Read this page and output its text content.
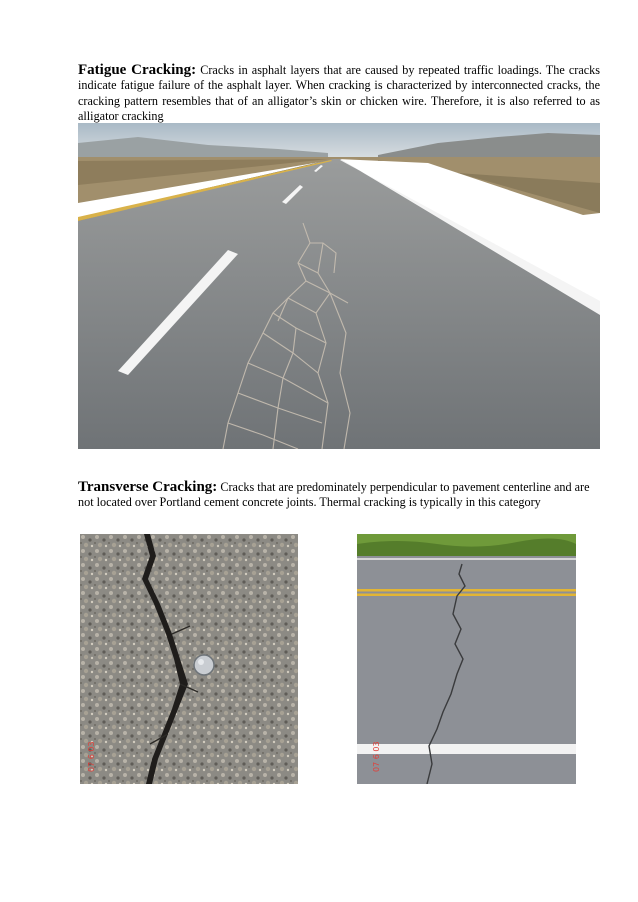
Fatigue Cracking: Cracks in asphalt layers that are caused by repeated traffic loadings. The cracks indicate fatigue failure of the asphalt layer. When cracking is characterized by interconnected cracks, the cracking pattern resembles that of an alligator’s skin or chicken wire. Therefore, it is also referred to as alligator cracking

Transverse Cracking: Cracks that are predominately perpendicular to pavement centerline and are not located over Portland cement concrete joints. Thermal cracking is typically in this category

07 6 03	07 6 03
